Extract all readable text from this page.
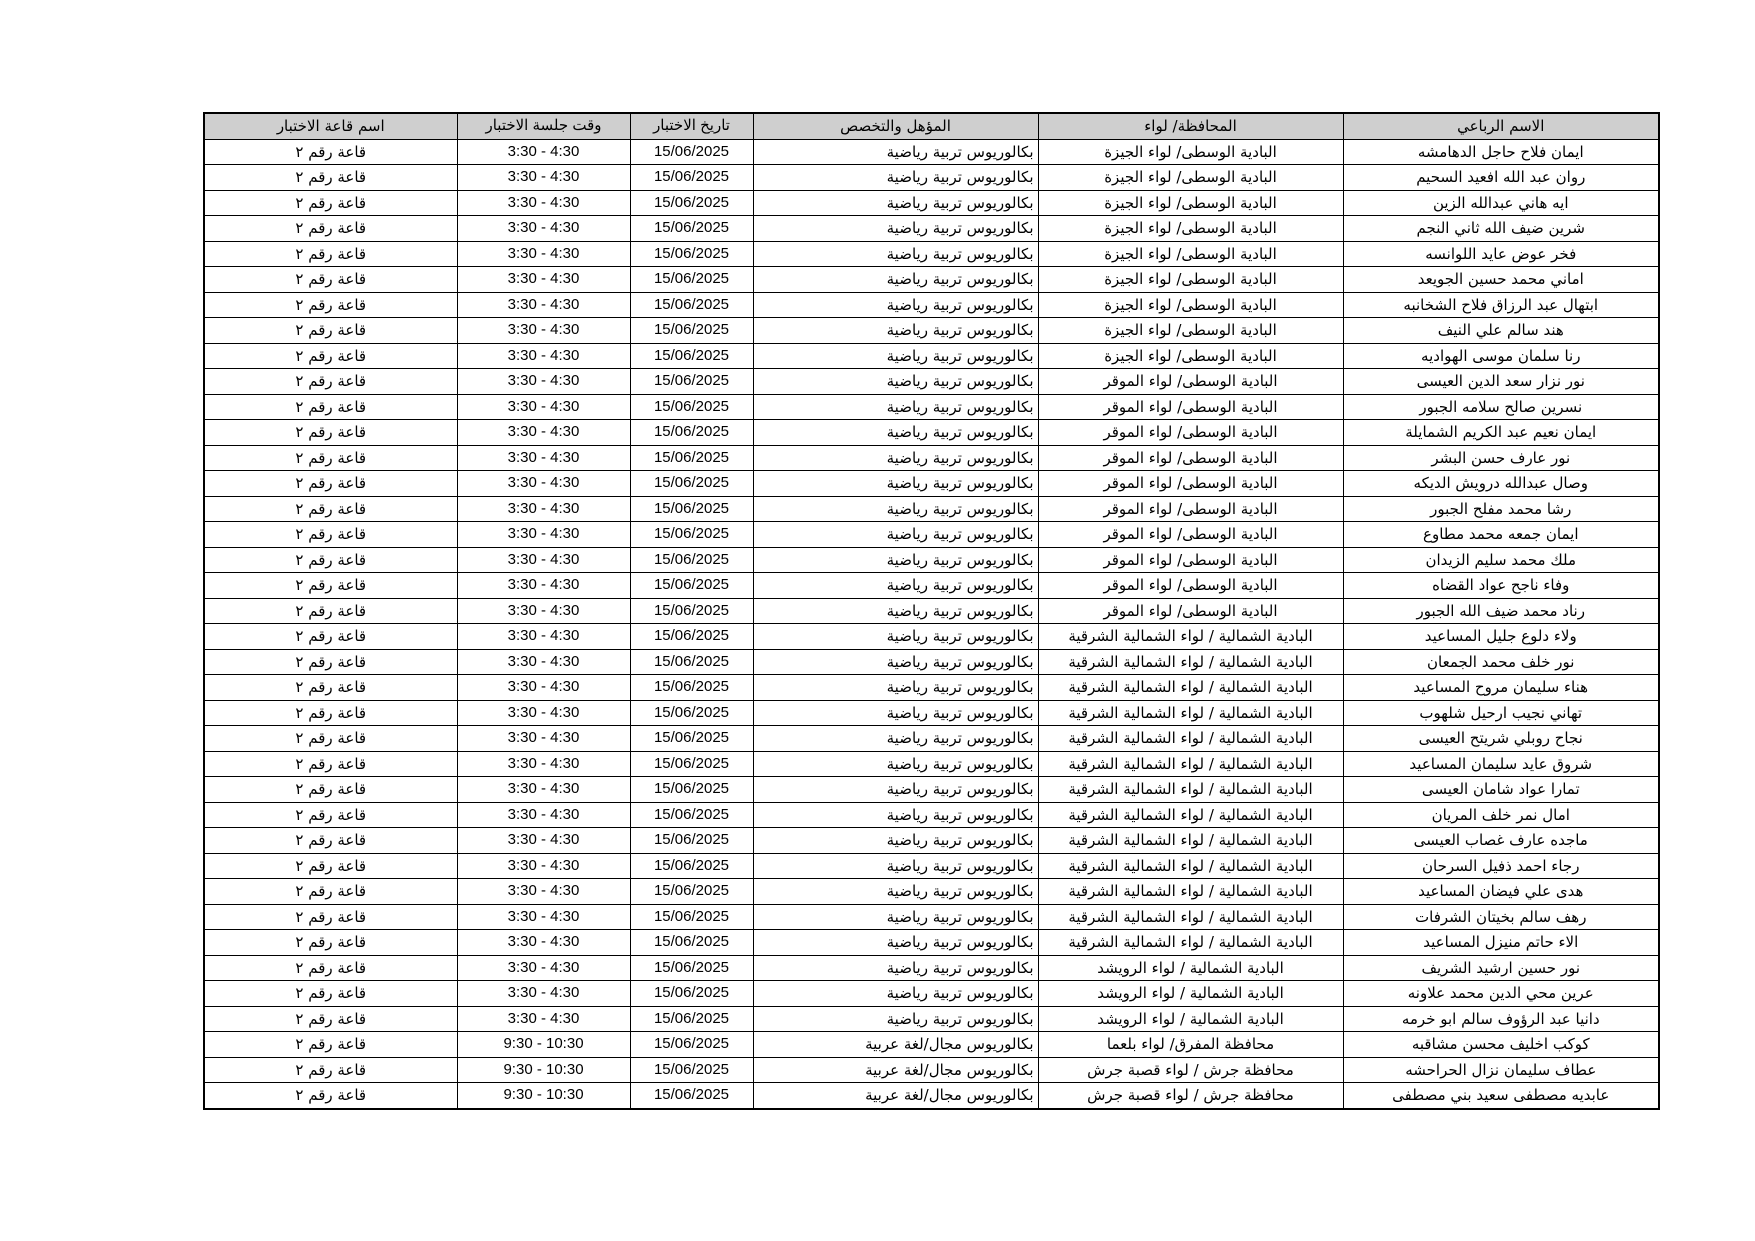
اسم قاعة الاختبار	وقت جلسة الاختبار	تاريخ الاختبار	المؤهل والتخصص	المحافظة/ لواء	الاسم الرباعي
قاعة رقم ٢	3:30 - 4:30	15/06/2025	بكالوريوس تربية رياضية	البادية الوسطى/ لواء الجيزة	ايمان فلاح حاجل الدهامشه
قاعة رقم ٢	3:30 - 4:30	15/06/2025	بكالوريوس تربية رياضية	البادية الوسطى/ لواء الجيزة	روان عبد الله افعيد السحيم
قاعة رقم ٢	3:30 - 4:30	15/06/2025	بكالوريوس تربية رياضية	البادية الوسطى/ لواء الجيزة	ايه هاني عبدالله الزين
قاعة رقم ٢	3:30 - 4:30	15/06/2025	بكالوريوس تربية رياضية	البادية الوسطى/ لواء الجيزة	شرين ضيف الله ثاني النجم
قاعة رقم ٢	3:30 - 4:30	15/06/2025	بكالوريوس تربية رياضية	البادية الوسطى/ لواء الجيزة	فخر عوض عايد اللوانسه
قاعة رقم ٢	3:30 - 4:30	15/06/2025	بكالوريوس تربية رياضية	البادية الوسطى/ لواء الجيزة	اماني محمد حسين الجويعد
قاعة رقم ٢	3:30 - 4:30	15/06/2025	بكالوريوس تربية رياضية	البادية الوسطى/ لواء الجيزة	ابتهال عبد الرزاق فلاح الشخانبه
قاعة رقم ٢	3:30 - 4:30	15/06/2025	بكالوريوس تربية رياضية	البادية الوسطى/ لواء الجيزة	هند سالم علي النيف
قاعة رقم ٢	3:30 - 4:30	15/06/2025	بكالوريوس تربية رياضية	البادية الوسطى/ لواء الجيزة	رنا سلمان موسى الهواديه
قاعة رقم ٢	3:30 - 4:30	15/06/2025	بكالوريوس تربية رياضية	البادية الوسطى/ لواء الموقر	نور نزار سعد الدين العيسى
قاعة رقم ٢	3:30 - 4:30	15/06/2025	بكالوريوس تربية رياضية	البادية الوسطى/ لواء الموقر	نسرين صالح سلامه الجبور
قاعة رقم ٢	3:30 - 4:30	15/06/2025	بكالوريوس تربية رياضية	البادية الوسطى/ لواء الموقر	ايمان نعيم عبد الكريم الشمايلة
قاعة رقم ٢	3:30 - 4:30	15/06/2025	بكالوريوس تربية رياضية	البادية الوسطى/ لواء الموقر	نور عارف حسن البشر
قاعة رقم ٢	3:30 - 4:30	15/06/2025	بكالوريوس تربية رياضية	البادية الوسطى/ لواء الموقر	وصال عبدالله درويش الديكه
قاعة رقم ٢	3:30 - 4:30	15/06/2025	بكالوريوس تربية رياضية	البادية الوسطى/ لواء الموقر	رشا محمد مفلح الجبور
قاعة رقم ٢	3:30 - 4:30	15/06/2025	بكالوريوس تربية رياضية	البادية الوسطى/ لواء الموقر	ايمان جمعه محمد مطاوع
قاعة رقم ٢	3:30 - 4:30	15/06/2025	بكالوريوس تربية رياضية	البادية الوسطى/ لواء الموقر	ملك محمد سليم الزيدان
قاعة رقم ٢	3:30 - 4:30	15/06/2025	بكالوريوس تربية رياضية	البادية الوسطى/ لواء الموقر	وفاء ناجح عواد القضاه
قاعة رقم ٢	3:30 - 4:30	15/06/2025	بكالوريوس تربية رياضية	البادية الوسطى/ لواء الموقر	رناد محمد ضيف الله الجبور
قاعة رقم ٢	3:30 - 4:30	15/06/2025	بكالوريوس تربية رياضية	البادية الشمالية / لواء الشمالية الشرقية	ولاء دلوع جليل المساعيد
قاعة رقم ٢	3:30 - 4:30	15/06/2025	بكالوريوس تربية رياضية	البادية الشمالية / لواء الشمالية الشرقية	نور خلف محمد الجمعان
قاعة رقم ٢	3:30 - 4:30	15/06/2025	بكالوريوس تربية رياضية	البادية الشمالية / لواء الشمالية الشرقية	هناء سليمان مروح المساعيد
قاعة رقم ٢	3:30 - 4:30	15/06/2025	بكالوريوس تربية رياضية	البادية الشمالية / لواء الشمالية الشرقية	تهاني نجيب ارحيل شلهوب
قاعة رقم ٢	3:30 - 4:30	15/06/2025	بكالوريوس تربية رياضية	البادية الشمالية / لواء الشمالية الشرقية	نجاح روبلي شريتح العيسى
قاعة رقم ٢	3:30 - 4:30	15/06/2025	بكالوريوس تربية رياضية	البادية الشمالية / لواء الشمالية الشرقية	شروق عايد سليمان المساعيد
قاعة رقم ٢	3:30 - 4:30	15/06/2025	بكالوريوس تربية رياضية	البادية الشمالية / لواء الشمالية الشرقية	تمارا عواد شامان العيسى
قاعة رقم ٢	3:30 - 4:30	15/06/2025	بكالوريوس تربية رياضية	البادية الشمالية / لواء الشمالية الشرقية	امال نمر خلف المريان
قاعة رقم ٢	3:30 - 4:30	15/06/2025	بكالوريوس تربية رياضية	البادية الشمالية / لواء الشمالية الشرقية	ماجده عارف غصاب العيسى
قاعة رقم ٢	3:30 - 4:30	15/06/2025	بكالوريوس تربية رياضية	البادية الشمالية / لواء الشمالية الشرقية	رجاء احمد ذفيل السرحان
قاعة رقم ٢	3:30 - 4:30	15/06/2025	بكالوريوس تربية رياضية	البادية الشمالية / لواء الشمالية الشرقية	هدى علي فيضان المساعيد
قاعة رقم ٢	3:30 - 4:30	15/06/2025	بكالوريوس تربية رياضية	البادية الشمالية / لواء الشمالية الشرقية	رهف سالم بخيتان الشرفات
قاعة رقم ٢	3:30 - 4:30	15/06/2025	بكالوريوس تربية رياضية	البادية الشمالية / لواء الشمالية الشرقية	الاء حاتم منيزل المساعيد
قاعة رقم ٢	3:30 - 4:30	15/06/2025	بكالوريوس تربية رياضية	البادية الشمالية / لواء الرويشد	نور حسين ارشيد الشريف
قاعة رقم ٢	3:30 - 4:30	15/06/2025	بكالوريوس تربية رياضية	البادية الشمالية / لواء الرويشد	عرين محي الدين محمد علاونه
قاعة رقم ٢	3:30 - 4:30	15/06/2025	بكالوريوس تربية رياضية	البادية الشمالية / لواء الرويشد	دانيا عبد الرؤوف سالم ابو خرمه
قاعة رقم ٢	9:30 - 10:30	15/06/2025	بكالوريوس مجال/لغة عربية	محافظة المفرق/ لواء بلعما	كوكب اخليف محسن مشاقبه
قاعة رقم ٢	9:30 - 10:30	15/06/2025	بكالوريوس مجال/لغة عربية	محافظة جرش / لواء قصبة جرش	عطاف سليمان نزال الحراحشه
قاعة رقم ٢	9:30 - 10:30	15/06/2025	بكالوريوس مجال/لغة عربية	محافظة جرش / لواء قصبة جرش	عابديه مصطفى سعيد بني مصطفى
